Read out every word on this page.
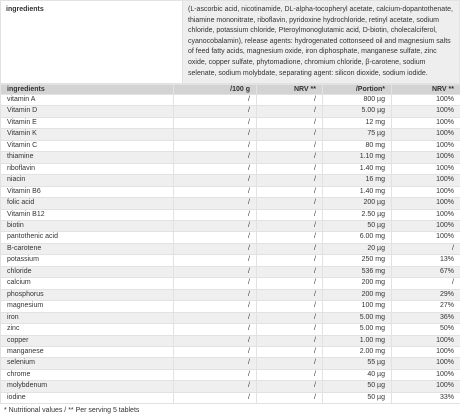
ingredients	(L-ascorbic acid, nicotinamide, DL-alpha-tocopheryl acetate, calcium-dopantothenate, thiamine mononitrate, riboflavin, pyridoxine hydrochloride, retinyl acetate, sodium chloride, potassium chloride, Pteroylmonoglutamic acid, D-biotin, cholecalciferol, cyanocobalamin), release agents: hydrogenated cottonseed oil and magnesium salts of feed fatty acids, magnesium oxide, iron diphosphate, manganese sulfate, zinc oxide, copper sulfate, phytomadione, chromium chloride, β-carotene, sodium selenate, sodium molybdate, separating agent: silicon dioxide, sodium iodide.
ingredients	/100 g	NRV **	/Portion*	NRV **
vitamin A	/	/	800 µg	100%
Vitamin D	/	/	5.00 µg	100%
Vitamin E	/	/	12 mg	100%
Vitamin K	/	/	75 µg	100%
Vitamin C	/	/	80 mg	100%
thiamine	/	/	1.10 mg	100%
riboflavin	/	/	1.40 mg	100%
niacin	/	/	16 mg	100%
Vitamin B6	/	/	1.40 mg	100%
folic acid	/	/	200 µg	100%
Vitamin B12	/	/	2.50 µg	100%
biotin	/	/	50 µg	100%
pantothenic acid	/	/	6.00 mg	100%
B-carotene	/	/	20 µg	/
potassium	/	/	250 mg	13%
chloride	/	/	536 mg	67%
calcium	/	/	200 mg	/
phosphorus	/	/	200 mg	29%
magnesium	/	/	100 mg	27%
iron	/	/	5.00 mg	36%
zinc	/	/	5.00 mg	50%
copper	/	/	1.00 mg	100%
manganese	/	/	2.00 mg	100%
selenium	/	/	55 µg	100%
chrome	/	/	40 µg	100%
molybdenum	/	/	50 µg	100%
iodine	/	/	50 µg	33%
* Nutritional values / ** Per serving 5 tablets
